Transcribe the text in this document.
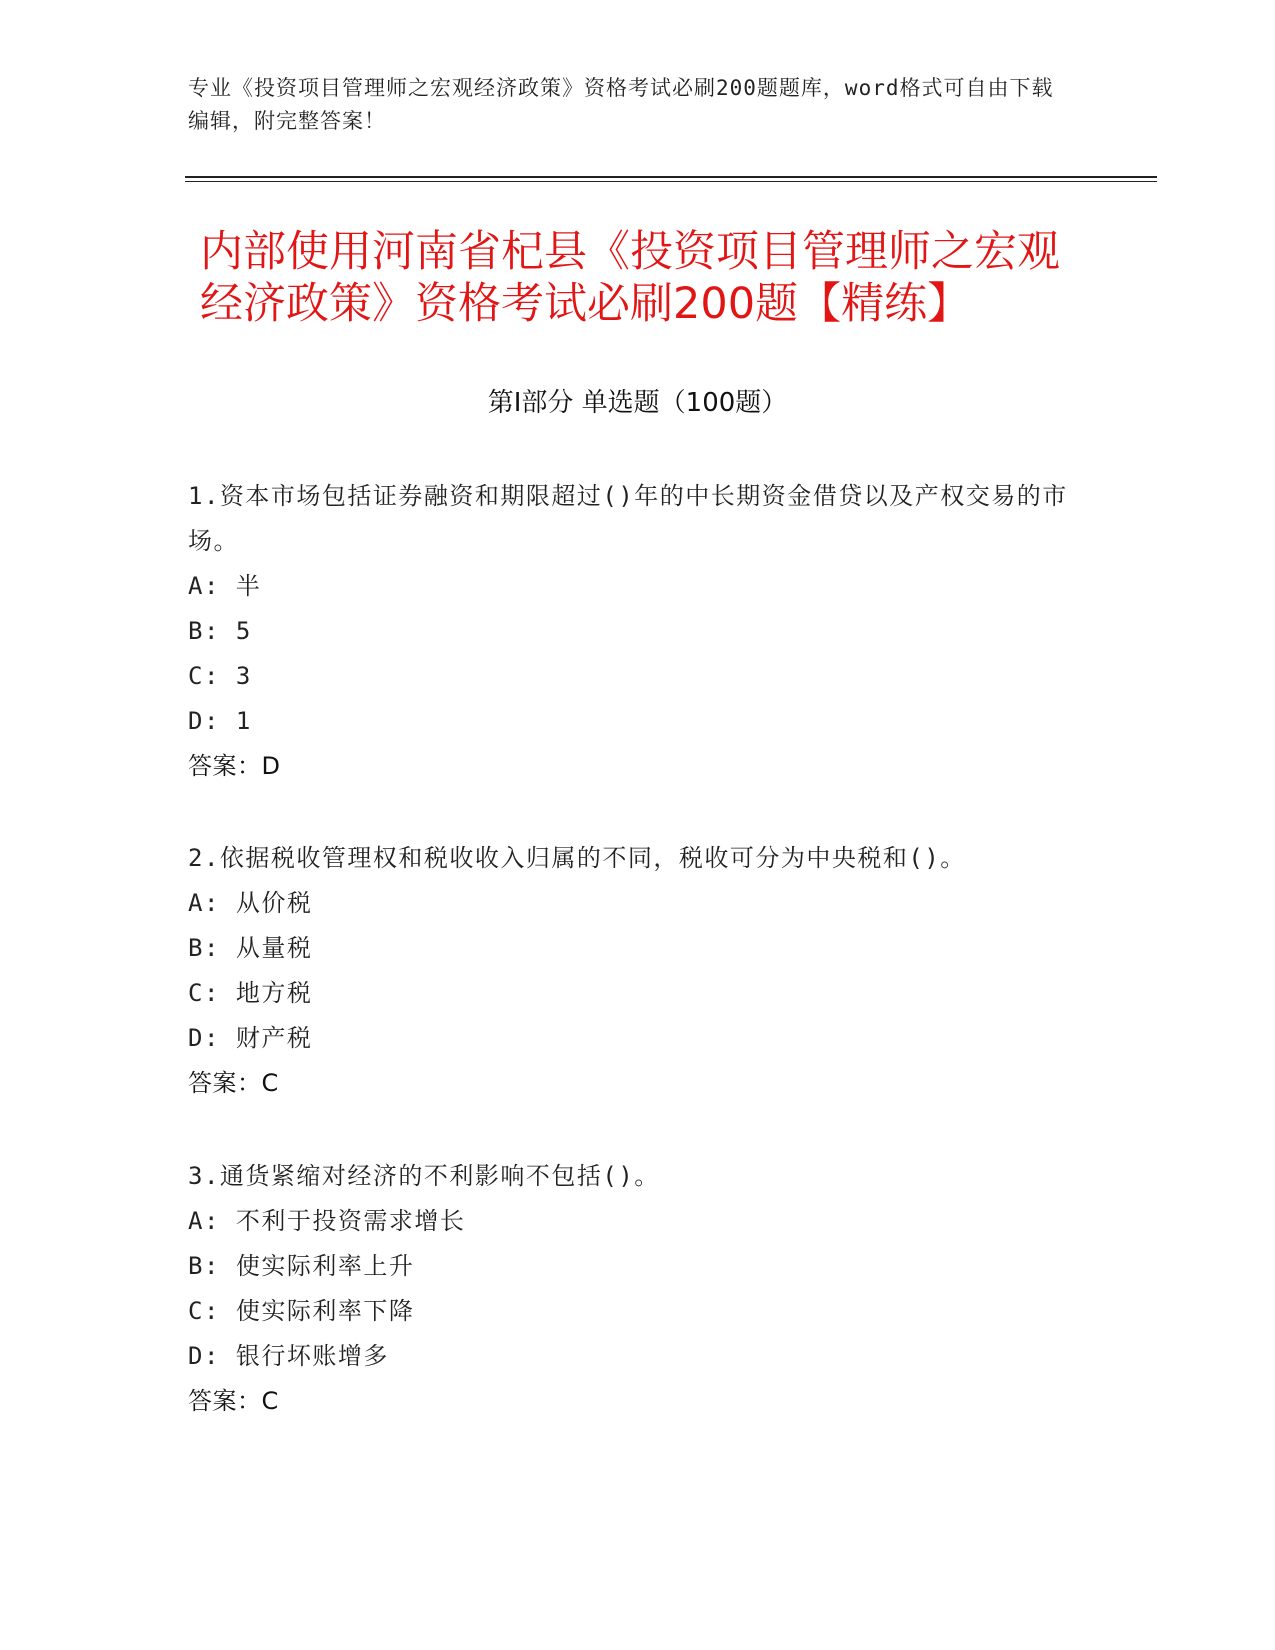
专业《投资项目管理师之宏观经济政策》资格考试必刷200题题库，word格式可自由下载编辑，附完整答案！
内部使用河南省杞县《投资项目管理师之宏观经济政策》资格考试必刷200题【精练】
第I部分 单选题（100题）

1.资本市场包括证券融资和期限超过()年的中长期资金借贷以及产权交易的市场。

A: 半

B: 5

C: 3

D: 1

答案：D

2.依据税收管理权和税收收入归属的不同，税收可分为中央税和()。

A: 从价税

B: 从量税

C: 地方税

D: 财产税

答案：C

3.通货紧缩对经济的不利影响不包括()。

A: 不利于投资需求增长

B: 使实际利率上升

C: 使实际利率下降

D: 银行坏账增多

答案：C
